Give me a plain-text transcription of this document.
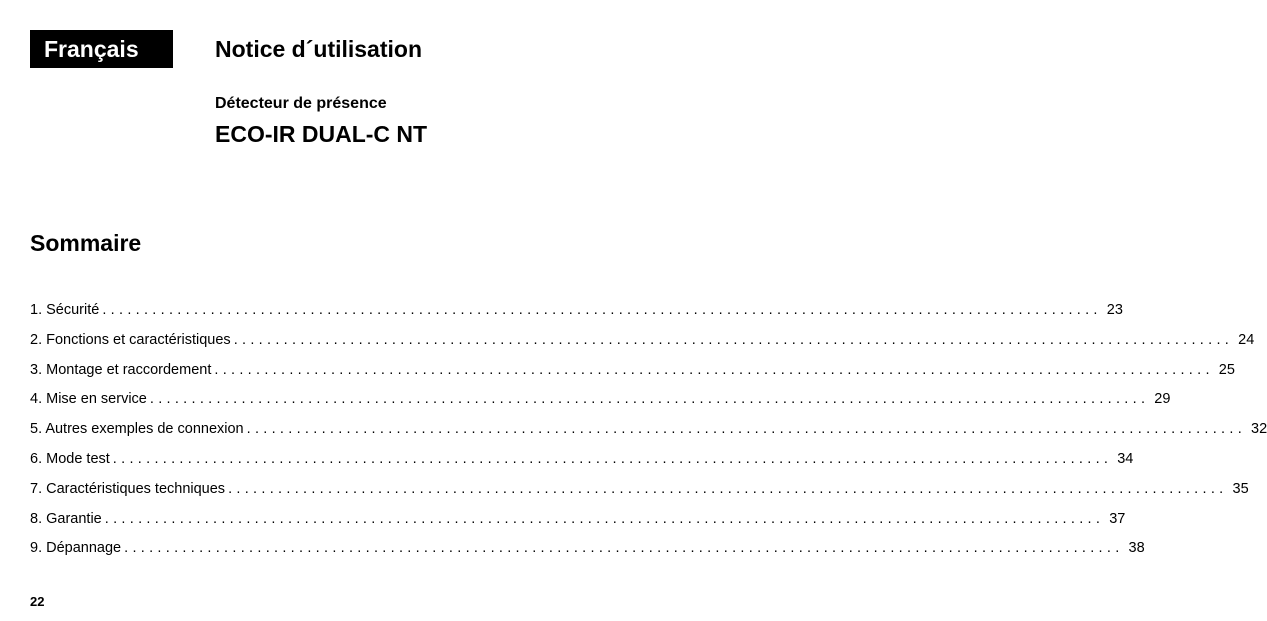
Français	Notice d´utilisation
Détecteur de présence
ECO-IR DUAL-C NT
Sommaire
1. Sécurité ........................................................................................................................ 23
2. Fonctions et caractéristiques ........................................................................................................................ 24
3. Montage et raccordement ........................................................................................................................ 25
4. Mise en service ........................................................................................................................ 29
5. Autres exemples de connexion ........................................................................................................................ 32
6. Mode test ........................................................................................................................ 34
7. Caractéristiques techniques ........................................................................................................................ 35
8. Garantie ........................................................................................................................ 37
9. Dépannage ........................................................................................................................ 38
22
